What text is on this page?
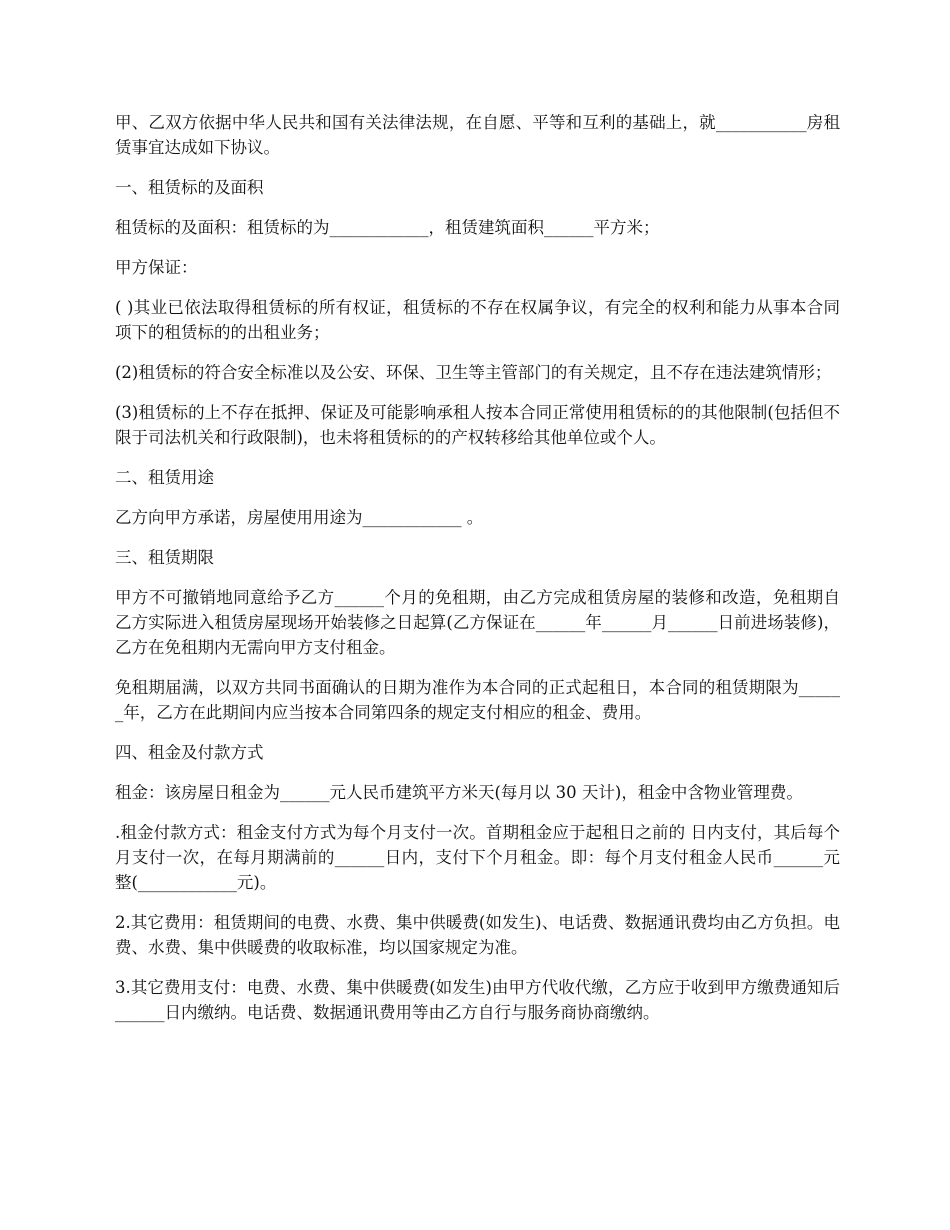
甲、乙双方依据中华人民共和国有关法律法规，在自愿、平等和互利的基础上，就___________房租赁事宜达成如下协议。

一、租赁标的及面积

租赁标的及面积：租赁标的为____________，租赁建筑面积______平方米；

甲方保证：

( )其业已依法取得租赁标的所有权证，租赁标的不存在权属争议，有完全的权利和能力从事本合同项下的租赁标的的出租业务；

(2)租赁标的符合安全标准以及公安、环保、卫生等主管部门的有关规定，且不存在违法建筑情形；

(3)租赁标的上不存在抵押、保证及可能影响承租人按本合同正常使用租赁标的的其他限制(包括但不限于司法机关和行政限制)，也未将租赁标的的产权转移给其他单位或个人。

二、租赁用途

乙方向甲方承诺，房屋使用用途为____________ 。

三、租赁期限

甲方不可撤销地同意给予乙方______个月的免租期，由乙方完成租赁房屋的装修和改造，免租期自乙方实际进入租赁房屋现场开始装修之日起算(乙方保证在______年______月______日前进场装修)，乙方在免租期内无需向甲方支付租金。

免租期届满，以双方共同书面确认的日期为准作为本合同的正式起租日，本合同的租赁期限为______年，乙方在此期间内应当按本合同第四条的规定支付相应的租金、费用。

四、租金及付款方式

租金：该房屋日租金为______元人民币建筑平方米天(每月以 30 天计)，租金中含物业管理费。

.租金付款方式：租金支付方式为每个月支付一次。首期租金应于起租日之前的 日内支付，其后每个月支付一次，在每月期满前的______日内，支付下个月租金。即：每个月支付租金人民币______元整(____________元)。

2.其它费用：租赁期间的电费、水费、集中供暖费(如发生)、电话费、数据通讯费均由乙方负担。电费、水费、集中供暖费的收取标准，均以国家规定为准。

3.其它费用支付：电费、水费、集中供暖费(如发生)由甲方代收代缴，乙方应于收到甲方缴费通知后______日内缴纳。电话费、数据通讯费用等由乙方自行与服务商协商缴纳。
